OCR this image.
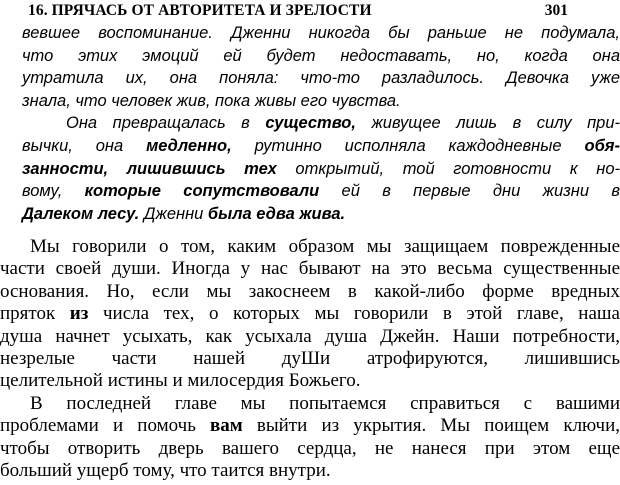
16. ПРЯЧАСЬ ОТ АВТОРИТЕТА И ЗРЕЛОСТИ	301

вевшее воспоминание. Дженни никогда бы раньше не подумала,
что этих эмоций ей будет недоставать, но, когда она
утратила их, она поняла: что-то разладилось. Девочка уже
знала, что человек жив, пока живы его чувства.

Она превращалась в существо, живущее лишь в силу при-
вычки, она медленно, рутинно исполняла каждодневные обя-
занности, лишившись тех открытий, той готовности к но-
вому, которые сопутствовали ей в первые дни жизни в
Далеком лесу. Дженни была едва жива.

Мы говорили о том, каким образом мы защищаем поврежденные
части своей души. Иногда у нас бывают на это весьма существенные
основания. Но, если мы закоснеем в какой-либо форме вредных
пряток из числа тех, о которых мы говорили в этой главе, наша
душа начнет усыхать, как усыхала душа Джейн. Наши потребности,
незрелые части нашей дуШи атрофируются, лишившись
целительной истины и милосердия Божьего.

В последней главе мы попытаемся справиться с вашими
проблемами и помочь вам выйти из укрытия. Мы поищем ключи,
чтобы отворить дверь вашего сердца, не нанеся при этом еще
больший ущерб тому, что таится внутри.
